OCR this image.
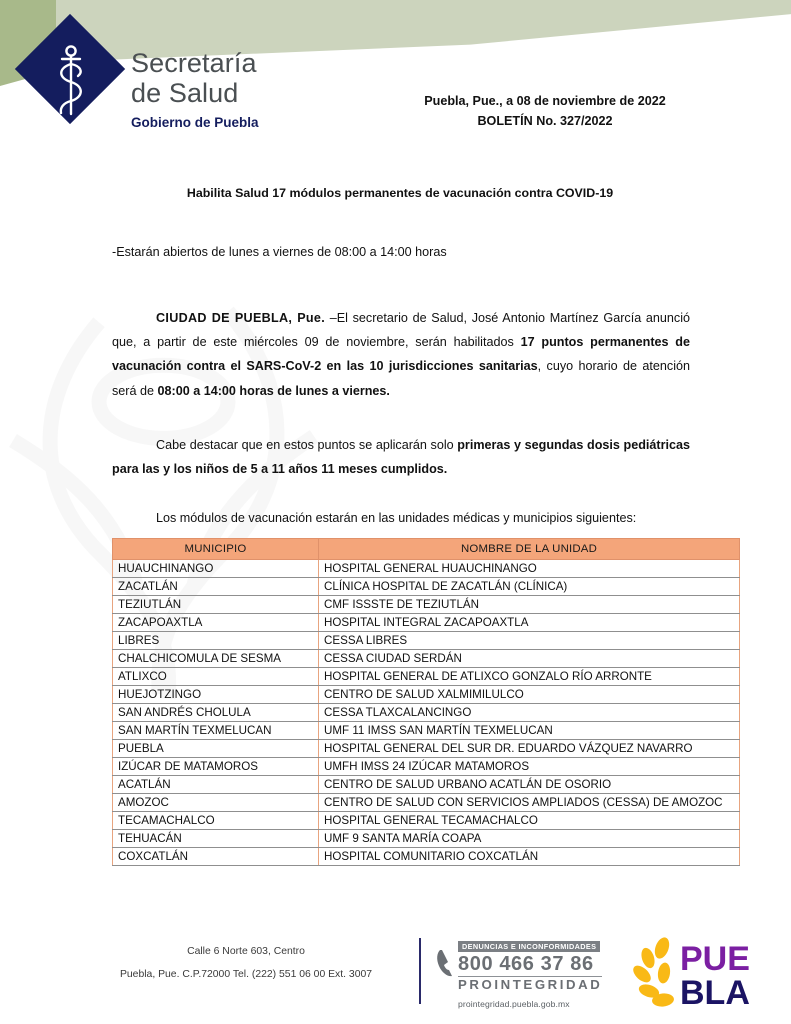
Secretaría
de Salud
Gobierno de Puebla
Puebla, Pue., a 08 de noviembre de 2022
BOLETÍN No. 327/2022
Habilita Salud 17 módulos permanentes de vacunación contra COVID-19
-Estarán abiertos de lunes a viernes de 08:00 a 14:00 horas

CIUDAD DE PUEBLA, Pue. –El secretario de Salud, José Antonio Martínez García anunció que, a partir de este miércoles 09 de noviembre, serán habilitados 17 puntos permanentes de vacunación contra el SARS-CoV-2 en las 10 jurisdicciones sanitarias, cuyo horario de atención será de 08:00 a 14:00 horas de lunes a viernes.

Cabe destacar que en estos puntos se aplicarán solo primeras y segundas dosis pediátricas para las y los niños de 5 a 11 años 11 meses cumplidos.

Los módulos de vacunación estarán en las unidades médicas y municipios siguientes:

MUNICIPIO	NOMBRE DE LA UNIDAD
HUAUCHINANGO	HOSPITAL GENERAL HUAUCHINANGO
ZACATLÁN	CLÍNICA HOSPITAL DE ZACATLÁN (CLÍNICA)
TEZIUTLÁN	CMF ISSSTE DE TEZIUTLÁN
ZACAPOAXTLA	HOSPITAL INTEGRAL ZACAPOAXTLA
LIBRES	CESSA LIBRES
CHALCHICOMULA DE SESMA	CESSA CIUDAD SERDÁN
ATLIXCO	HOSPITAL GENERAL DE ATLIXCO GONZALO RÍO ARRONTE
HUEJOTZINGO	CENTRO DE SALUD XALMIMILULCO
SAN ANDRÉS CHOLULA	CESSA TLAXCALANCINGO
SAN MARTÍN TEXMELUCAN	UMF 11 IMSS SAN MARTÍN TEXMELUCAN
PUEBLA	HOSPITAL GENERAL DEL SUR DR. EDUARDO VÁZQUEZ NAVARRO
IZÚCAR DE MATAMOROS	UMFH IMSS 24 IZÚCAR MATAMOROS
ACATLÁN	CENTRO DE SALUD URBANO ACATLÁN DE OSORIO
AMOZOC	CENTRO DE SALUD CON SERVICIOS AMPLIADOS (CESSA) DE AMOZOC
TECAMACHALCO	HOSPITAL GENERAL TECAMACHALCO
TEHUACÁN	UMF 9 SANTA MARÍA COAPA
COXCATLÁN	HOSPITAL COMUNITARIO COXCATLÁN
Calle 6 Norte 603, Centro
Puebla, Pue. C.P.72000 Tel. (222) 551 06 00 Ext. 3007
DENUNCIAS E INCONFORMIDADES
800 466 37 86
PROINTEGRIDAD
prointegridad.puebla.gob.mx
PUE
BLA
